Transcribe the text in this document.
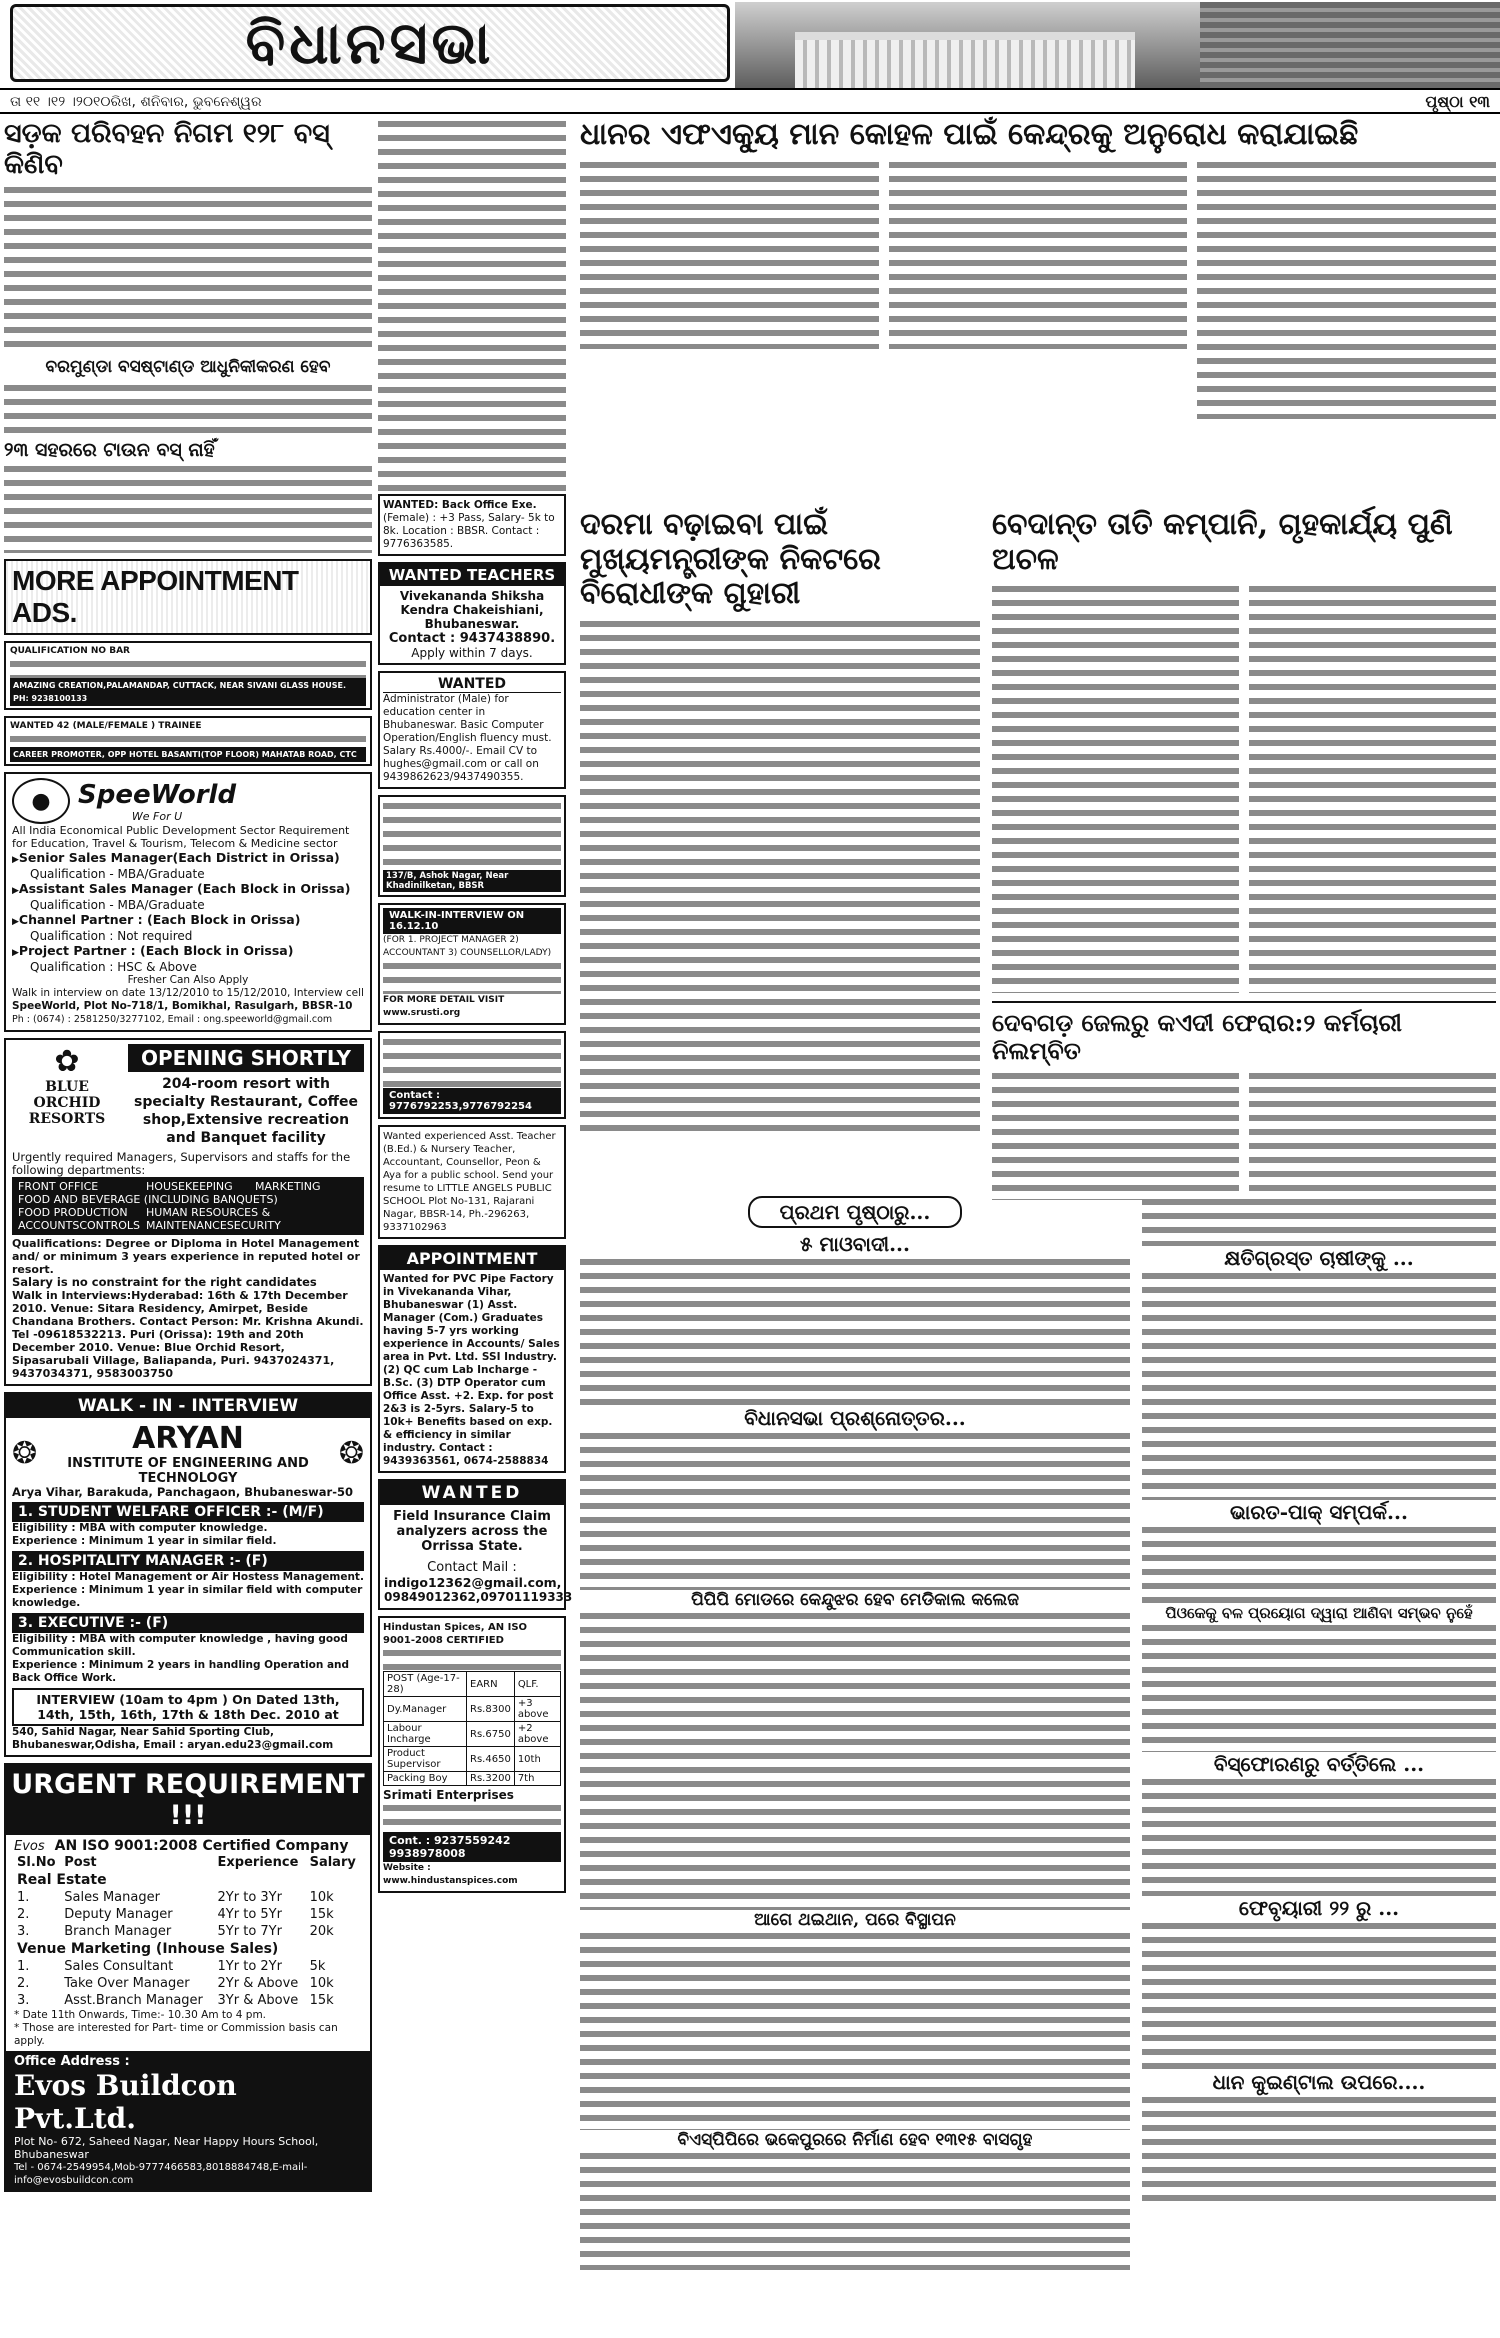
ବିଧାନସଭା
ତା ୧୧ ।୧୨ ।୨୦୧୦ରିଖ, ଶନିବାର, ଭୁବନେଶ୍ୱର	ପୃଷ୍ଠା ୧୩
ସଡ଼କ ପରିବହନ ନିଗମ ୧୨୮ ବସ୍ କିଣିବ
ବରମୁଣ୍ଡା ବସଷ୍ଟାଣ୍ଡ ଆଧୁନିକୀକରଣ ହେବ
୨୩ ସହରରେ ଟାଉନ ବସ୍ ନାହିଁ
MORE APPOINTMENT ADS.
QUALIFICATION NO BAR
AMAZING CREATION,PALAMANDAP, CUTTACK, NEAR SIVANI GLASS HOUSE. PH: 9238100133
WANTED 42 (MALE/FEMALE ) TRAINEE
CAREER PROMOTER, OPP HOTEL BASANTI(TOP FLOOR) MAHATAB ROAD, CTC
●	SpeeWorld
We For U
All India Economical Public Development Sector Requirement for Education, Travel & Tourism, Telecom & Medicine sector
▶ Senior Sales Manager(Each District in Orissa)
Qualification - MBA/Graduate
▶ Assistant Sales Manager (Each Block in Orissa)
Qualification - MBA/Graduate
▶ Channel Partner : (Each Block in Orissa)
Qualification : Not required
▶ Project Partner : (Each Block in Orissa)
Qualification : HSC & Above
Fresher Can Also Apply
Walk in interview on date 13/12/2010 to 15/12/2010, Interview cell
SpeeWorld, Plot No-718/1, Bomikhal, Rasulgarh, BBSR-10
Ph : (0674) : 2581250/3277102, Email : ong.speeworld@gmail.com
✿
BLUE ORCHID RESORTS
OPENING SHORTLY
204-room resort with specialty Restaurant, Coffee shop,Extensive recreation and Banquet facility
Urgently required Managers, Supervisors and staffs for the following departments:
FRONT OFFICE	HOUSEKEEPING	MARKETING
FOOD AND BEVERAGE (INCLUDING BANQUETS)
FOOD PRODUCTION	HUMAN RESOURCES &
ACCOUNTSCONTROLS MAINTENANCESECURITY
Qualifications: Degree or Diploma in Hotel Management and/ or minimum 3 years experience in reputed hotel or resort.
Salary is no constraint for the right candidates
Walk in Interviews:Hyderabad: 16th & 17th December 2010. Venue: Sitara Residency, Amirpet, Beside Chandana Brothers. Contact Person: Mr. Krishna Akundi.
Tel -09618532213. Puri (Orissa): 19th and 20th December 2010. Venue: Blue Orchid Resort, Sipasarubali Village, Baliapanda, Puri. 9437024371, 9437034371, 9583003750
WALK - IN - INTERVIEW
❂	ARYAN
INSTITUTE OF ENGINEERING AND TECHNOLOGY
❂
Arya Vihar, Barakuda, Panchagaon, Bhubaneswar-50
1. STUDENT WELFARE OFFICER :- (M/F)
Eligibility : MBA with computer knowledge.
Experience : Minimum 1 year in similar field.
2. HOSPITALITY MANAGER :- (F)
Eligibility : Hotel Management or Air Hostess Management.
Experience : Minimum 1 year in similar field with computer knowledge.
3. EXECUTIVE :- (F)
Eligibility : MBA with computer knowledge , having good Communication skill.
Experience : Minimum 2 years in handling Operation and Back Office Work.
INTERVIEW (10am to 4pm ) On Dated 13th, 14th, 15th, 16th, 17th & 18th Dec. 2010 at
540, Sahid Nagar, Near Sahid Sporting Club, Bhubaneswar,Odisha, Email : aryan.edu23@gmail.com
URGENT REQUIREMENT !!!
Evos AN ISO 9001:2008 Certified Company
Sl.No	Post	Experience	Salary
Real Estate			
1.	Sales Manager	2Yr to 3Yr	10k
2.	Deputy Manager	4Yr to 5Yr	15k
3.	Branch Manager	5Yr to 7Yr	20k
Venue Marketing (Inhouse Sales)			
1.	Sales Consultant	1Yr to 2Yr	5k
2.	Take Over Manager	2Yr & Above	10k
3.	Asst.Branch Manager	3Yr & Above	15k
* Date 11th Onwards, Time:- 10.30 Am to 4 pm.
* Those are interested for Part- time or Commission basis can apply.
Office Address :
Evos Buildcon Pvt.Ltd.
Plot No- 672, Saheed Nagar, Near Happy Hours School, Bhubaneswar
Tel - 0674-2549954,Mob-9777466583,8018884748,E-mail-info@evosbuildcon.com
WANTED: Back Office Exe.
(Female) : +3 Pass, Salary- 5k to 8k. Location : BBSR. Contact : 9776363585.
WANTED TEACHERS
Vivekananda Shiksha Kendra Chakeishiani, Bhubaneswar.
Contact : 9437438890.
Apply within 7 days.
WANTED
Administrator (Male) for education center in Bhubaneswar. Basic Computer Operation/English fluency must. Salary Rs.4000/-. Email CV to hughes@gmail.com or call on 9439862623/9437490355.
137/B, Ashok Nagar, Near Khadinilketan, BBSR
WALK-IN-INTERVIEW ON 16.12.10
(FOR 1. PROJECT MANAGER 2) ACCOUNTANT 3) COUNSELLOR/LADY)
FOR MORE DETAIL VISIT www.srusti.org
Contact : 9776792253,9776792254
Wanted experienced Asst. Teacher (B.Ed.) & Nursery Teacher, Accountant, Counsellor, Peon & Aya for a public school. Send your resume to LITTLE ANGELS PUBLIC SCHOOL Plot No-131, Rajarani Nagar, BBSR-14, Ph.-296263, 9337102963
APPOINTMENT
Wanted for PVC Pipe Factory in Vivekananda Vihar, Bhubaneswar (1) Asst. Manager (Com.) Graduates having 5-7 yrs working experience in Accounts/ Sales area in Pvt. Ltd. SSI Industry.(2) QC cum Lab Incharge - B.Sc. (3) DTP Operator cum Office Asst. +2. Exp. for post 2&3 is 2-5yrs. Salary-5 to 10k+ Benefits based on exp. & efficiency in similar industry. Contact : 9439363561, 0674-2588834
WANTED
Field Insurance Claim analyzers across the Orrissa State.
Contact Mail :
indigo12362@gmail.com,
09849012362,09701119333
Hindustan Spices, AN ISO 9001-2008 CERTIFIED
POST (Age-17-28)	EARN	QLF.
Dy.Manager	Rs.8300	+3 above
Labour Incharge	Rs.6750	+2 above
Product Supervisor	Rs.4650	10th
Packing Boy	Rs.3200	7th
Srimati Enterprises
Cont. : 9237559242 9938978008
Website : www.hindustanspices.com
ଧାନର ଏଫଏକ୍ୟୁ ମାନ କୋହଳ ପାଇଁ କେନ୍ଦ୍ରକୁ ଅନୁରୋଧ କରାଯାଇଛି
ଦରମା ବଢ଼ାଇବା ପାଇଁ ମୁଖ୍ୟମନ୍ତ୍ରୀଙ୍କ ନିକଟରେ ବିରୋଧୀଙ୍କ ଗୁହାରୀ
ବେଦାନ୍ତ ତାତି କମ୍ପାନି, ଗୃହକାର୍ଯ୍ୟ ପୁଣି ଅଚଳ
ଦେବଗଡ଼ ଜେଲରୁ କଏଦୀ ଫେରାର:୨ କର୍ମଚାରୀ ନିଲମ୍ବିତ
ପ୍ରଥମ ପୃଷ୍ଠାରୁ...
୫ ମାଓବାଦୀ...
ବିଧାନସଭା ପ୍ରଶ୍ନୋତ୍ତର...
ପିପିପି ମୋଡରେ କେନ୍ଦୁଝର ହେବ ମେଡିକାଲ କଲେଜ
ଆଗେ ଥଇଥାନ, ପରେ ବିସ୍ଥାପନ
ବିଏସ୍ପିପିରେ ଭକେପୁରରେ ନିର୍ମାଣ ହେବ ୧୩୧୫ ବାସଗୃହ
କ୍ଷତିଗ୍ରସ୍ତ ଚାଷୀଙ୍କୁ ...
ଭାରତ-ପାକ୍ ସମ୍ପର୍କ...
ପିଓକେକୁ ବଳ ପ୍ରୟୋଗ ଦ୍ୱାରା ଆଣିବା ସମ୍ଭବ ନୁହେଁ
ବିସ୍ଫୋରଣରୁ ବର୍ତ୍ତିଲେ ...
ଫେବୃୟାରୀ ୨୨ ରୁ ...
ଧାନ କୁଇଣ୍ଟାଲ ଉପରେ....
